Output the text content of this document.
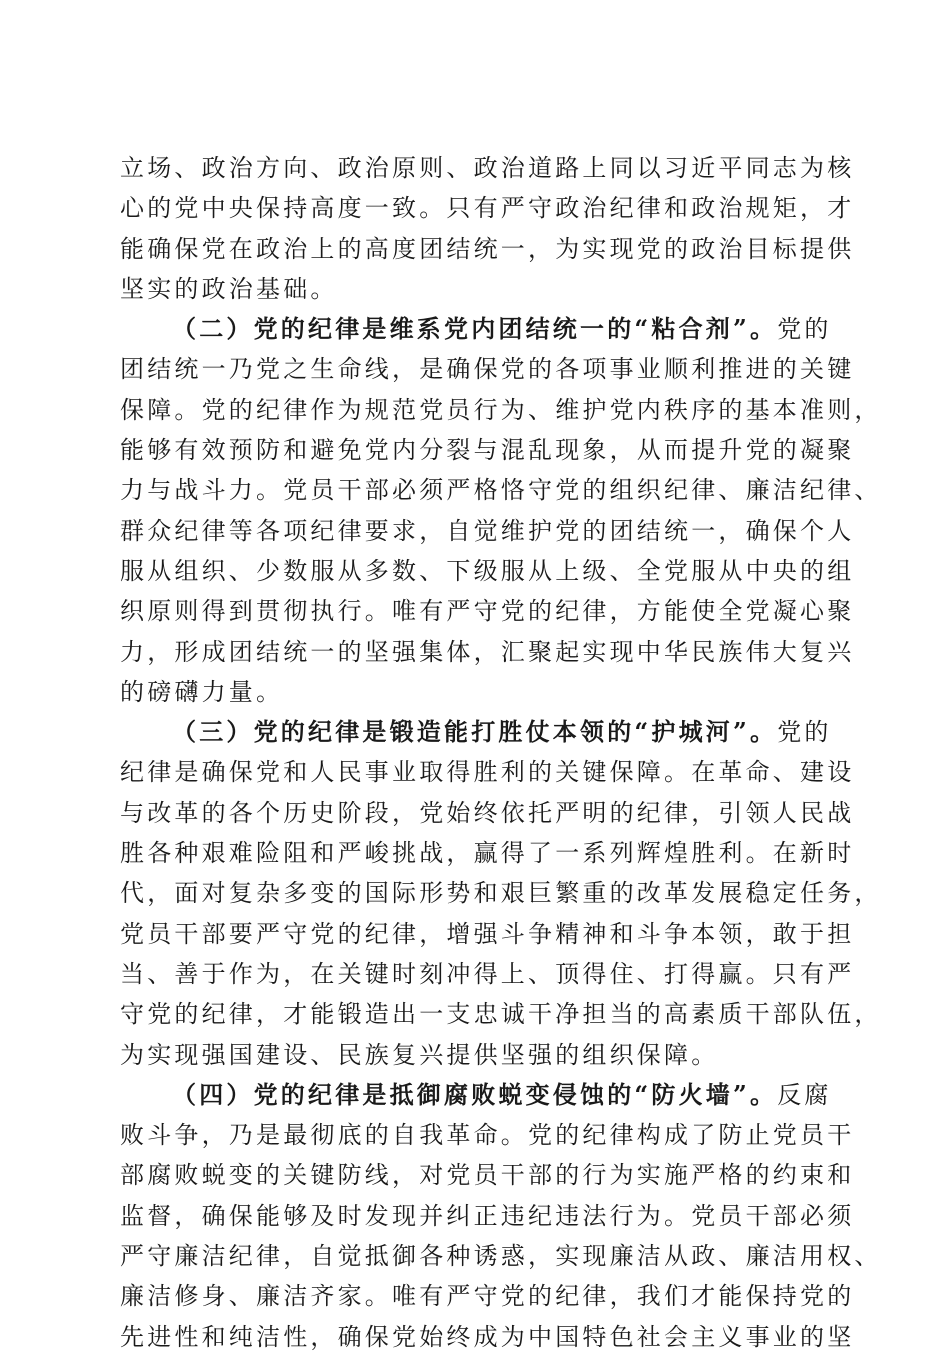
立场、政治方向、政治原则、政治道路上同以习近平同志为核
心的党中央保持高度一致。只有严守政治纪律和政治规矩，才
能确保党在政治上的高度团结统一，为实现党的政治目标提供
坚实的政治基础。
（二）党的纪律是维系党内团结统一的“粘合剂”。党的
团结统一乃党之生命线，是确保党的各项事业顺利推进的关键
保障。党的纪律作为规范党员行为、维护党内秩序的基本准则，
能够有效预防和避免党内分裂与混乱现象，从而提升党的凝聚
力与战斗力。党员干部必须严格恪守党的组织纪律、廉洁纪律、
群众纪律等各项纪律要求，自觉维护党的团结统一，确保个人
服从组织、少数服从多数、下级服从上级、全党服从中央的组
织原则得到贯彻执行。唯有严守党的纪律，方能使全党凝心聚
力，形成团结统一的坚强集体，汇聚起实现中华民族伟大复兴
的磅礴力量。
（三）党的纪律是锻造能打胜仗本领的“护城河”。党的
纪律是确保党和人民事业取得胜利的关键保障。在革命、建设
与改革的各个历史阶段，党始终依托严明的纪律，引领人民战
胜各种艰难险阻和严峻挑战，赢得了一系列辉煌胜利。在新时
代，面对复杂多变的国际形势和艰巨繁重的改革发展稳定任务，
党员干部要严守党的纪律，增强斗争精神和斗争本领，敢于担
当、善于作为，在关键时刻冲得上、顶得住、打得赢。只有严
守党的纪律，才能锻造出一支忠诚干净担当的高素质干部队伍，
为实现强国建设、民族复兴提供坚强的组织保障。
（四）党的纪律是抵御腐败蜕变侵蚀的“防火墙”。反腐
败斗争，乃是最彻底的自我革命。党的纪律构成了防止党员干
部腐败蜕变的关键防线，对党员干部的行为实施严格的约束和
监督，确保能够及时发现并纠正违纪违法行为。党员干部必须
严守廉洁纪律，自觉抵御各种诱惑，实现廉洁从政、廉洁用权、
廉洁修身、廉洁齐家。唯有严守党的纪律，我们才能保持党的
先进性和纯洁性，确保党始终成为中国特色社会主义事业的坚
